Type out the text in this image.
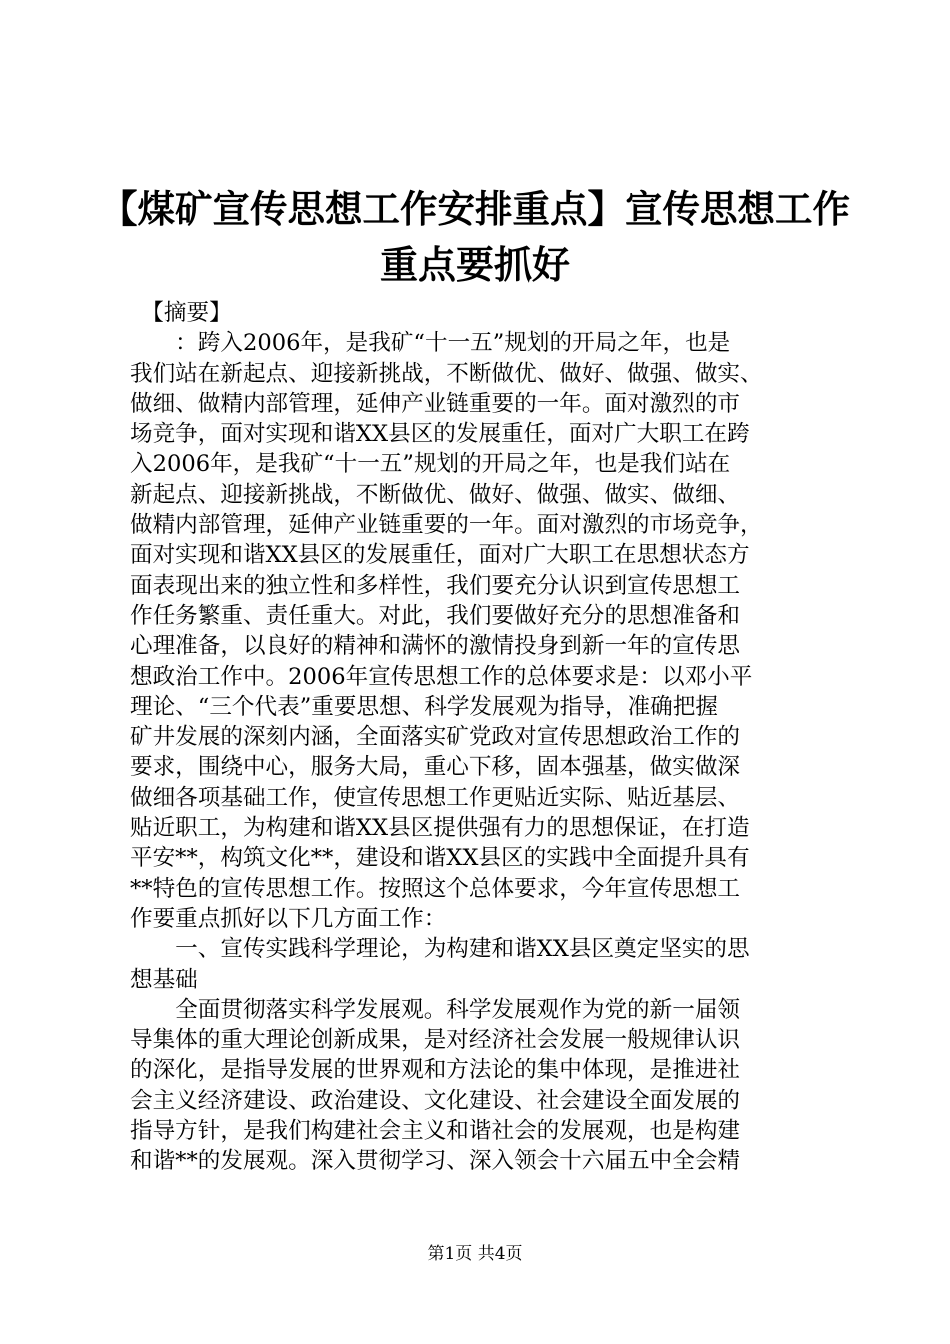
【煤矿宣传思想工作安排重点】宣传思想工作
重点要抓好
　【摘要】
　　：跨入2006年，是我矿“十一五”规划的开局之年，也是
我们站在新起点、迎接新挑战，不断做优、做好、做强、做实、
做细、做精内部管理，延伸产业链重要的一年。面对激烈的市
场竞争，面对实现和谐XX县区的发展重任，面对广大职工在跨
入2006年，是我矿“十一五”规划的开局之年，也是我们站在
新起点、迎接新挑战，不断做优、做好、做强、做实、做细、
做精内部管理，延伸产业链重要的一年。面对激烈的市场竞争，
面对实现和谐XX县区的发展重任，面对广大职工在思想状态方
面表现出来的独立性和多样性，我们要充分认识到宣传思想工
作任务繁重、责任重大。对此，我们要做好充分的思想准备和
心理准备，以良好的精神和满怀的激情投身到新一年的宣传思
想政治工作中。2006年宣传思想工作的总体要求是：以邓小平
理论、“三个代表”重要思想、科学发展观为指导，准确把握
矿井发展的深刻内涵，全面落实矿党政对宣传思想政治工作的
要求，围绕中心，服务大局，重心下移，固本强基，做实做深
做细各项基础工作，使宣传思想工作更贴近实际、贴近基层、
贴近职工，为构建和谐XX县区提供强有力的思想保证，在打造
平安**，构筑文化**，建设和谐XX县区的实践中全面提升具有
**特色的宣传思想工作。按照这个总体要求，今年宣传思想工
作要重点抓好以下几方面工作：
　　一、宣传实践科学理论，为构建和谐XX县区奠定坚实的思
想基础
　　全面贯彻落实科学发展观。科学发展观作为党的新一届领
导集体的重大理论创新成果，是对经济社会发展一般规律认识
的深化，是指导发展的世界观和方法论的集中体现，是推进社
会主义经济建设、政治建设、文化建设、社会建设全面发展的
指导方针，是我们构建社会主义和谐社会的发展观，也是构建
和谐**的发展观。深入贯彻学习、深入领会十六届五中全会精
第1页 共4页
